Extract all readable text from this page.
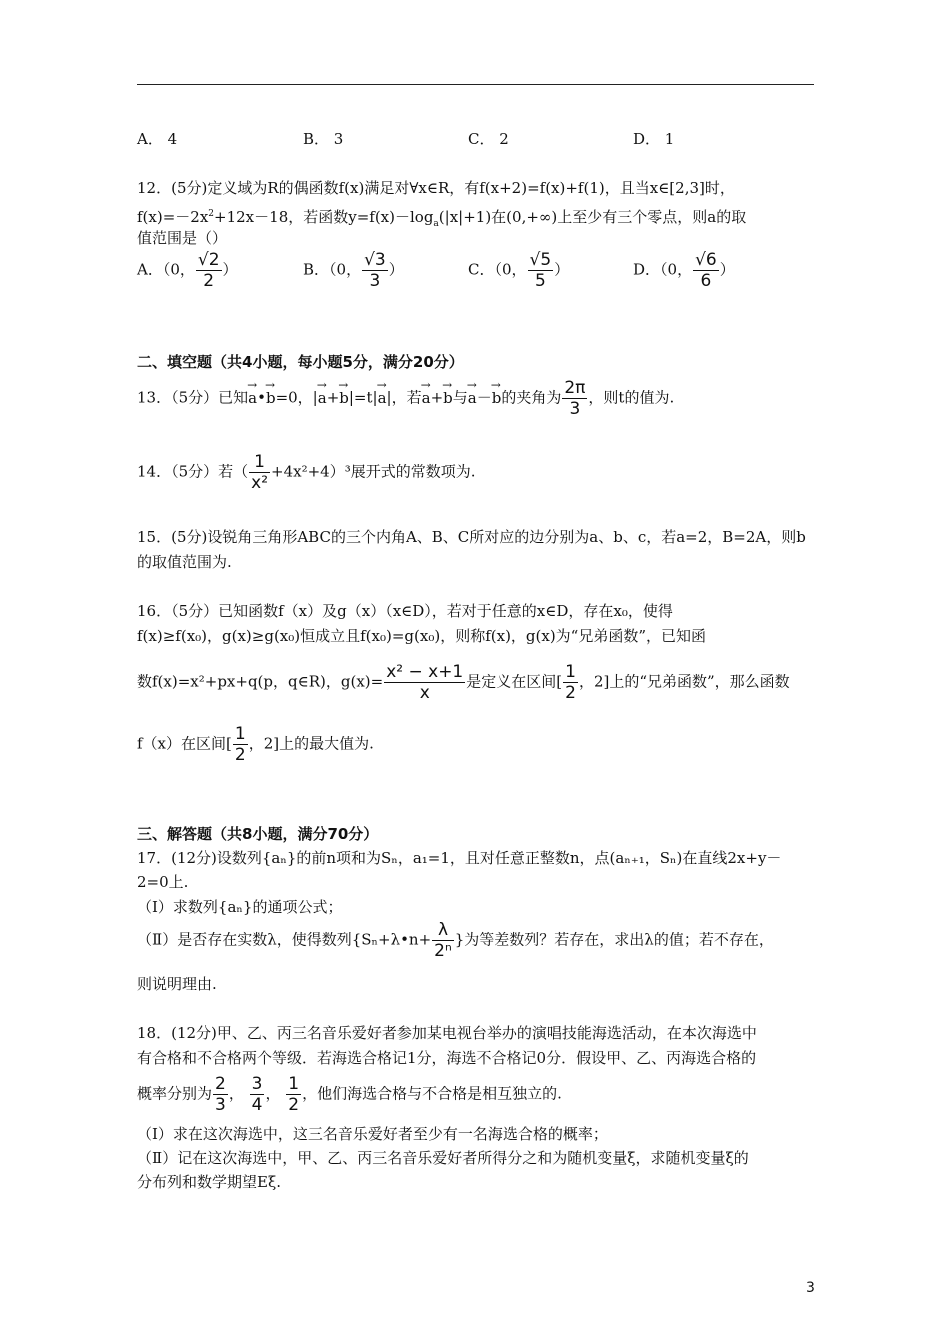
A． 4	B． 3	C． 2	D． 1
12．(5分)定义域为R的偶函数f(x)满足对∀x∈R，有f(x+2)=f(x)+f(1)，且当x∈[2,3]时，
$f(x)=-2x^2+12x-18$，若函数$y=f(x)-\log_a(|x|+1)$在(0,+∞)上至少有三个零点，则a的取
值范围是（）
A．（0， $\frac{√2}{2}$ ）	B．（0， $\frac{√3}{3}$ ）	C．（0， $\frac{√5}{5}$ ）	D．（0， $\frac{√6}{6}$ ）
二、填空题（共4小题，每小题5分，满分20分）
13．（5分）已知→ a•→ b=0，|→ a+→ b|=t|→ a|，若→ a+→ b与→ a－→ b的夹角为 $\frac{2\pi}{3}$ ，则t的值为.
14．（5分）若（ $\frac{1}{\text{x²}} +4x^2+4)^3$展开式的常数项为.
15．(5分)设锐角三角形ABC的三个内角A、B、C所对应的边分别为a、b、c，若a=2，B=2A，则b
的取值范围为.
16．（5分）已知函数f（x）及g（x）（x∈D），若对于任意的x∈D，存在x₀，使得
f(x)≥f(x₀)，g(x)≥g(x₀)恒成立且f(x₀)=g(x₀)，则称f(x)，g(x)为“兄弟函数”，已知函
数f(x)=x²+px+q(p，q∈R)，$g(x)= \frac{\text{x² − x+1}}{x}$ 是定义在区间[ $\frac{1}{2}$ ，2]上的“兄弟函数”，那么函数
f（x）在区间[ $\frac{1}{2}$ ，2]上的最大值为.
三、解答题（共8小题，满分70分）
17．(12分)设数列{aₙ}的前n项和为Sₙ，a₁=1，且对任意正整数n，点(aₙ₊₁，Sₙ)在直线2x+y－
2=0上.
（Ⅰ）求数列{aₙ}的通项公式；
（Ⅱ）是否存在实数λ，使得数列{Sₙ+λ•n+ $\frac{\lambda}{\text{2ⁿ}}$ }为等差数列？若存在，求出λ的值；若不存在，
则说明理由.
18．(12分)甲、乙、丙三名音乐爱好者参加某电视台举办的演唱技能海选活动，在本次海选中
有合格和不合格两个等级．若海选合格记1分，海选不合格记0分．假设甲、乙、丙海选合格的
概率分别为 $\frac{2}{3}$ ， $\frac{3}{4}$ ， $\frac{1}{2}$ ，他们海选合格与不合格是相互独立的.
（Ⅰ）求在这次海选中，这三名音乐爱好者至少有一名海选合格的概率；
（Ⅱ）记在这次海选中，甲、乙、丙三名音乐爱好者所得分之和为随机变量ξ，求随机变量ξ的
分布列和数学期望Eξ.
3
